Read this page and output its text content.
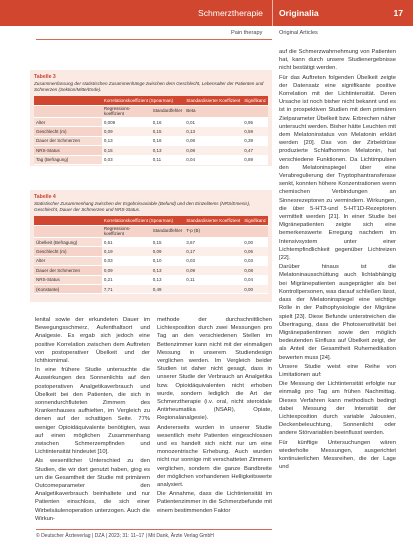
Schmerztherapie Originalia	17
Pain therapy	Original Articles
Tabelle 3
Zusammenfassung der statistischen Zusammenhänge zwischen dem Geschlecht, Lebensalter der Patienten und Schmerzen (Sektion/Mitte/Ende).
	Korrelationskoeffizient (Spearman)		Standardisierter Koeffizient	Signifikanz
	Regressions-koeffizient	Standardfehler	Beta	
Alter	0,009	0,16	0,01	0,95
Geschlecht (m)	0,09	0,15	0,13	0,59
Dauer der Schmerzen	0,13	0,16	0,08	0,39
NRS-Status	0,15	0,13	0,08	0,47
Tag (Befragung)	0,03	0,11	0,04	0,89
Tabelle 4
Statistischer Zusammenhang zwischen der Ergebnisvariable (Befund) und den Einzelitems (NRS/Emesis), Geschlecht, Dauer der Schmerzen und NRS-Status.
	Korrelationskoeffizient (Spearman)		Standardisierter Koeffizient	Signifikanz
	Regressions-koeffizient	Standardfehler	T-p (B)	
Übelkeit (Befragung)	0,51	0,15	3,67	0,00
Geschlecht (m)	0,19	0,09	0,17	0,06
Alter	0,03	0,10	0,03	0,03
Dauer der Schmerzen	0,09	0,13	0,09	0,08
NRS-Status	0,21	0,13	0,11	0,04
(Konstante)	7,71	0,49		0,00

lenital sowie der erkundeten Dauer im Bewegungsschmerz, Aufenthaltsort und Analgesie. Es ergab sich jedoch eine positive Korrelation zwischen dem Auftreten von postoperativer Übelkeit und der Ichthiomimal.

In eine frühere Studie untersuchte die Auswirkungen des Sonnenlichts auf den postoperativen Analgetikaverbrauch und Übelkeit bei den Patienten, die sich in sonnendurchfluteten Zimmern des Krankenhauses aufhielten, im Vergleich zu denen auf der schattigen Seite. 77% weniger Opioidäquivalente benötigten, was auf einen möglichen Zusammenhang zwischen Schmerzempfinden und Lichtintensität hindeutet [10].

Als wesentlicher Unterschied zu den Studien, die wir dort genutzt haben, ging es um die Gesamtheit der Studie mit primärem Outcomeparameter den Analgetikaverbrauch beinhaltete und nur Patienten einschloss, die sich einer Wirbelsäulenoperation unterzogen. Auch die Wirkun-

methode der durchschnittlichen Lichtexposition durch zwei Messungen pro Tag an den verschiedenen Stellen im Bettenzimmer kann nicht mit der einmaligen Messung in unserem Studiendesign verglichen werden. Im Vergleich beider Studien ist daher nicht gesagt, dass in unserer Studie der Verbrauch an Analgetika bzw. Opioidäquivalenten nicht erhoben wurde, sondern lediglich die Art der Schmerztherapie (i.v. oral, nicht steroidale Antirheumatika (NSAR), Opiate, Regionalanalgesie).

Andererseits wurden in unserer Studie wesentlich mehr Patienten eingeschlossen und es handelt sich nicht nur um eine monozentrische Erhebung. Auch wurden nicht nur sonnige mit verschatteten Zimmern verglichen, sondern die ganze Bandbreite der möglichen vorhandenen Helligkeitswerte analysiert.

Die Annahme, dass die Lichtintensität im Patientenzimmer in die Schmerzbefunde mit einem bestimmenden Faktor

auf die Schmerzwahrnehmung von Patienten hat, kann durch unsere Studienergebnisse nicht bestätigt werden.

Für das Auftreten folgenden Übelkeit zeigte der Datensatz eine signifikante positive Korrelation mit der Lichtintensität. Deren Ursache ist noch bisher nicht bekannt und es ist in prospektiven Studien mit dem primären Zielparameter Übelkeit bzw. Erbrechen näher untersucht werden. Bisher hätte Leuchten mit dem Melatoninstatus von Melatonin erklärt werden [20]. Das von der Zirbeldrüse produzierte Schlafhormon Melatonin, hat verschiedene Funktionen. Da Lichtimpulsen den Melatoninspiegel über eine Verabregulierung der Tryptophantransferase senkt, konnten höhere Konzentrationen wenn chemischen Verbindungen an Sinnesrezeptoren zu vermindern. Wirkungen, die über 5-HT3-und 5-HT1D-Rezeptoren vermittelt werden [21]. In einer Studie bei Migränepatienten zeigte sich eine bemerkenswerte Erregung nachdem im Intensivsystem unter einer Lichtempfindlichkeit gegenüber Lichtreizen [22].

Darüber hinaus ist die Melatoninausschüttung auch lichtabhängig bei Migränepatienten ausgeprägter als bei Kontrollpersonen, was darauf schließen lässt, dass der Melatoninspiegel eine wichtige Rolle in der Pathophysiologie der Migräne spielt [23]. Diese Befunde unterstreichen die Übertragung, dass die Photosensitivität bei Migränepatientinnen sowie den möglich bedeutenden Einfluss auf Übelkeit zeigt, der als Anteil der Gesamtheit Ruhemedikation bewerten muss [24].

Unsere Studie weist eine Reihe von Limitationen auf:

Die Messung der Lichtintensität erfolgte nur einmalig pro Tag am frühen Nachmittag. Dieses Verfahren kann methodisch bedingt dabei Messung der Intensität der Lichtexposition durch variable Jalousien, Deckenbeleuchtung, Sonnenlicht oder andere Störvariablen beeinflusst werden.

Für künftige Untersuchungen wären wiederholte Messungen, ausgerichtet kontinuierlichen Messreihen, die der Lage und

© Deutscher Ärzteverlag | DZA | 2023; 31: 11–17 | Mit Dank, Ärzte Verlag GmbH
